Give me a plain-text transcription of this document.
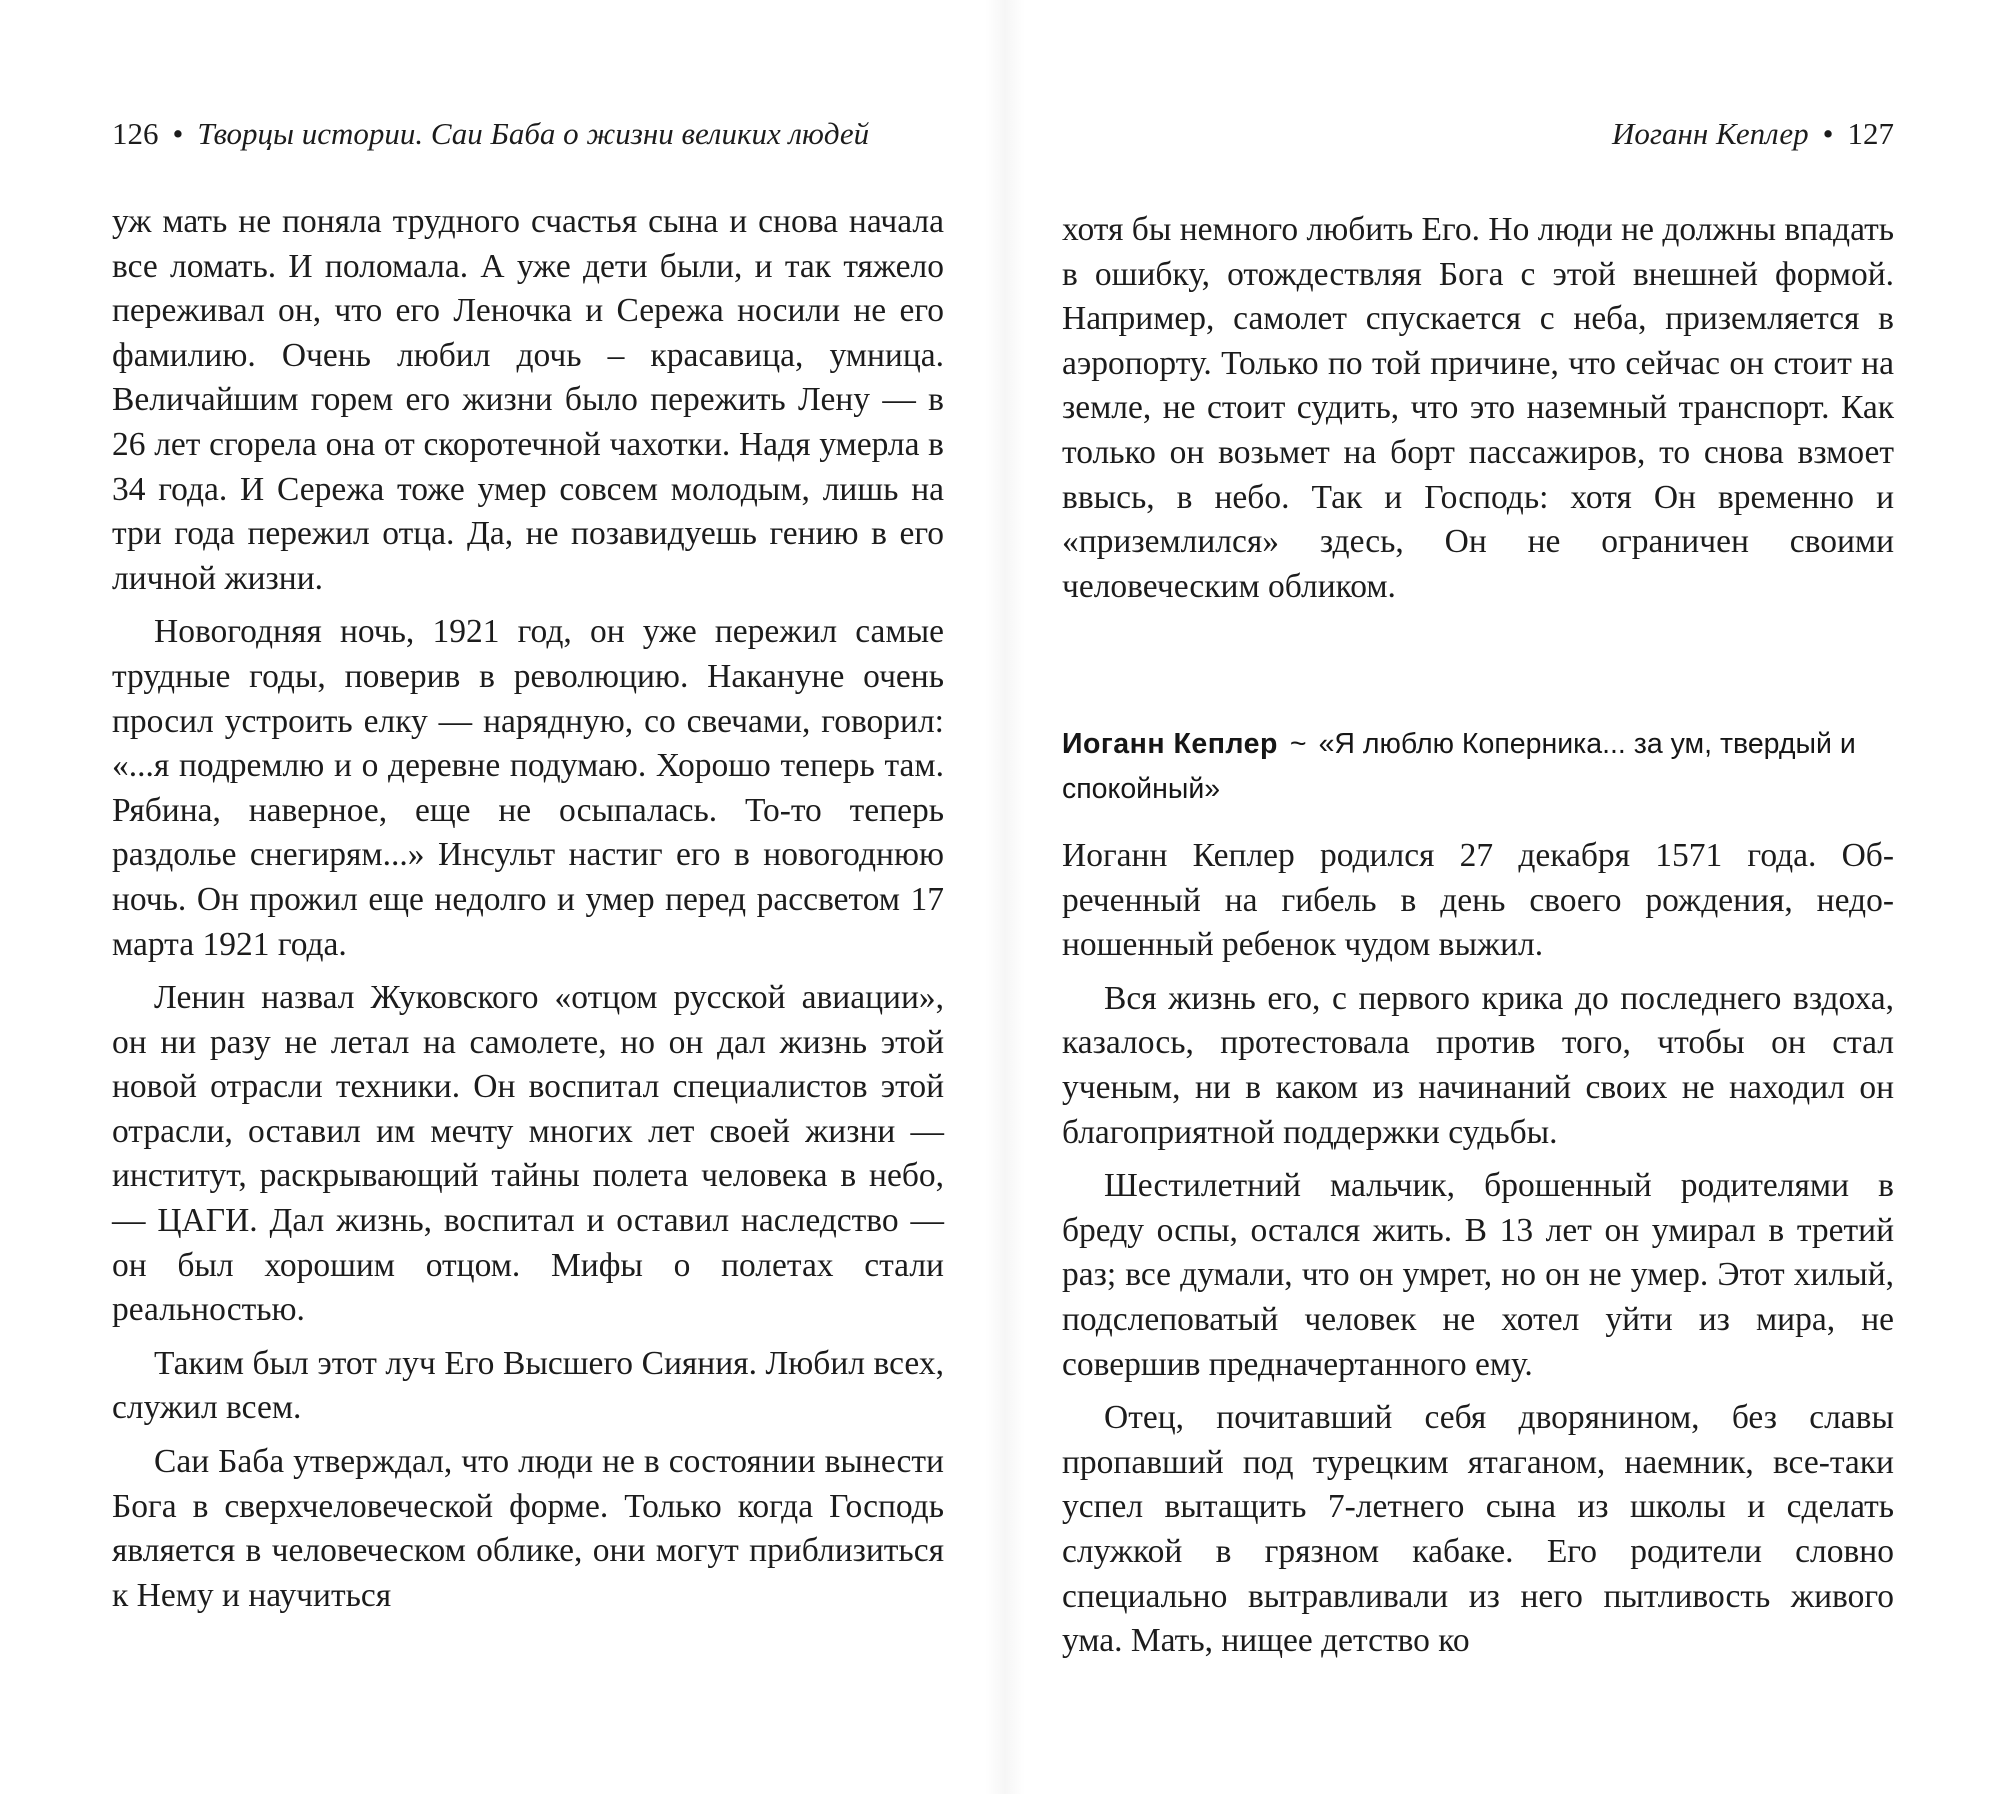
126 • Творцы истории. Саи Баба о жизни великих людей

уж мать не поняла трудного счастья сына и снова начала все ломать. И поломала. А уже дети были, и так тяжело переживал он, что его Леночка и Сережа носили не его фамилию. Очень любил дочь – красавица, умница. Величайшим горем его жизни было пережить Лену — в 26 лет сгорела она от скоротечной чахотки. Надя умерла в 34 года. И Сережа тоже умер совсем молодым, лишь на три года пережил отца. Да, не позавидуешь гению в его личной жизни.

Новогодняя ночь, 1921 год, он уже пережил самые трудные годы, поверив в революцию. Накануне очень просил устроить елку — нарядную, со свечами, говорил: «...я подремлю и о деревне подумаю. Хорошо теперь там. Рябина, наверное, еще не осыпалась. То-то теперь раздолье снегирям...» Инсульт настиг его в новогоднюю ночь. Он прожил еще недолго и умер перед рассветом 17 марта 1921 года.

Ленин назвал Жуковского «отцом русской авиации», он ни разу не летал на самолете, но он дал жизнь этой новой отрасли техники. Он воспитал специалистов этой отрасли, оставил им мечту многих лет своей жизни — институт, раскрывающий тайны полета человека в небо, — ЦАГИ. Дал жизнь, воспитал и оставил наследство — он был хорошим отцом. Мифы о полетах стали реальностью.

Таким был этот луч Его Высшего Сияния. Любил всех, служил всем.

Саи Баба утверждал, что люди не в состоянии вынести Бога в сверхчеловеческой форме. Только когда Господь является в человеческом облике, они могут приблизиться к Нему и научиться

Иоганн Кеплер • 127

хотя бы немного любить Его. Но люди не должны впадать в ошибку, отождествляя Бога с этой внешней формой. Например, самолет спускается с неба, приземляется в аэропорту. Только по той причине, что сейчас он стоит на земле, не стоит судить, что это наземный транспорт. Как только он возьмет на борт пассажиров, то снова взмоет ввысь, в небо. Так и Господь: хотя Он временно и «приземлился» здесь, Он не ограничен своими человеческим обликом.

Иоганн Кеплер ~ «Я люблю Коперника... за ум, твердый и спокойный»

Иоганн Кеплер родился 27 декабря 1571 года. Обреченный на гибель в день своего рождения, недоношенный ребенок чудом выжил.

Вся жизнь его, с первого крика до последнего вздоха, казалось, протестовала против того, чтобы он стал ученым, ни в каком из начинаний своих не находил он благоприятной поддержки судьбы.

Шестилетний мальчик, брошенный родителями в бреду оспы, остался жить. В 13 лет он умирал в третий раз; все думали, что он умрет, но он не умер. Этот хилый, подслеповатый человек не хотел уйти из мира, не совершив предначертанного ему.

Отец, почитавший себя дворянином, без славы пропавший под турецким ятаганом, наемник, все-таки успел вытащить 7-летнего сына из школы и сделать служкой в грязном кабаке. Его родители словно специально вытравливали из него пытливость живого ума. Мать, нищее детство ко
